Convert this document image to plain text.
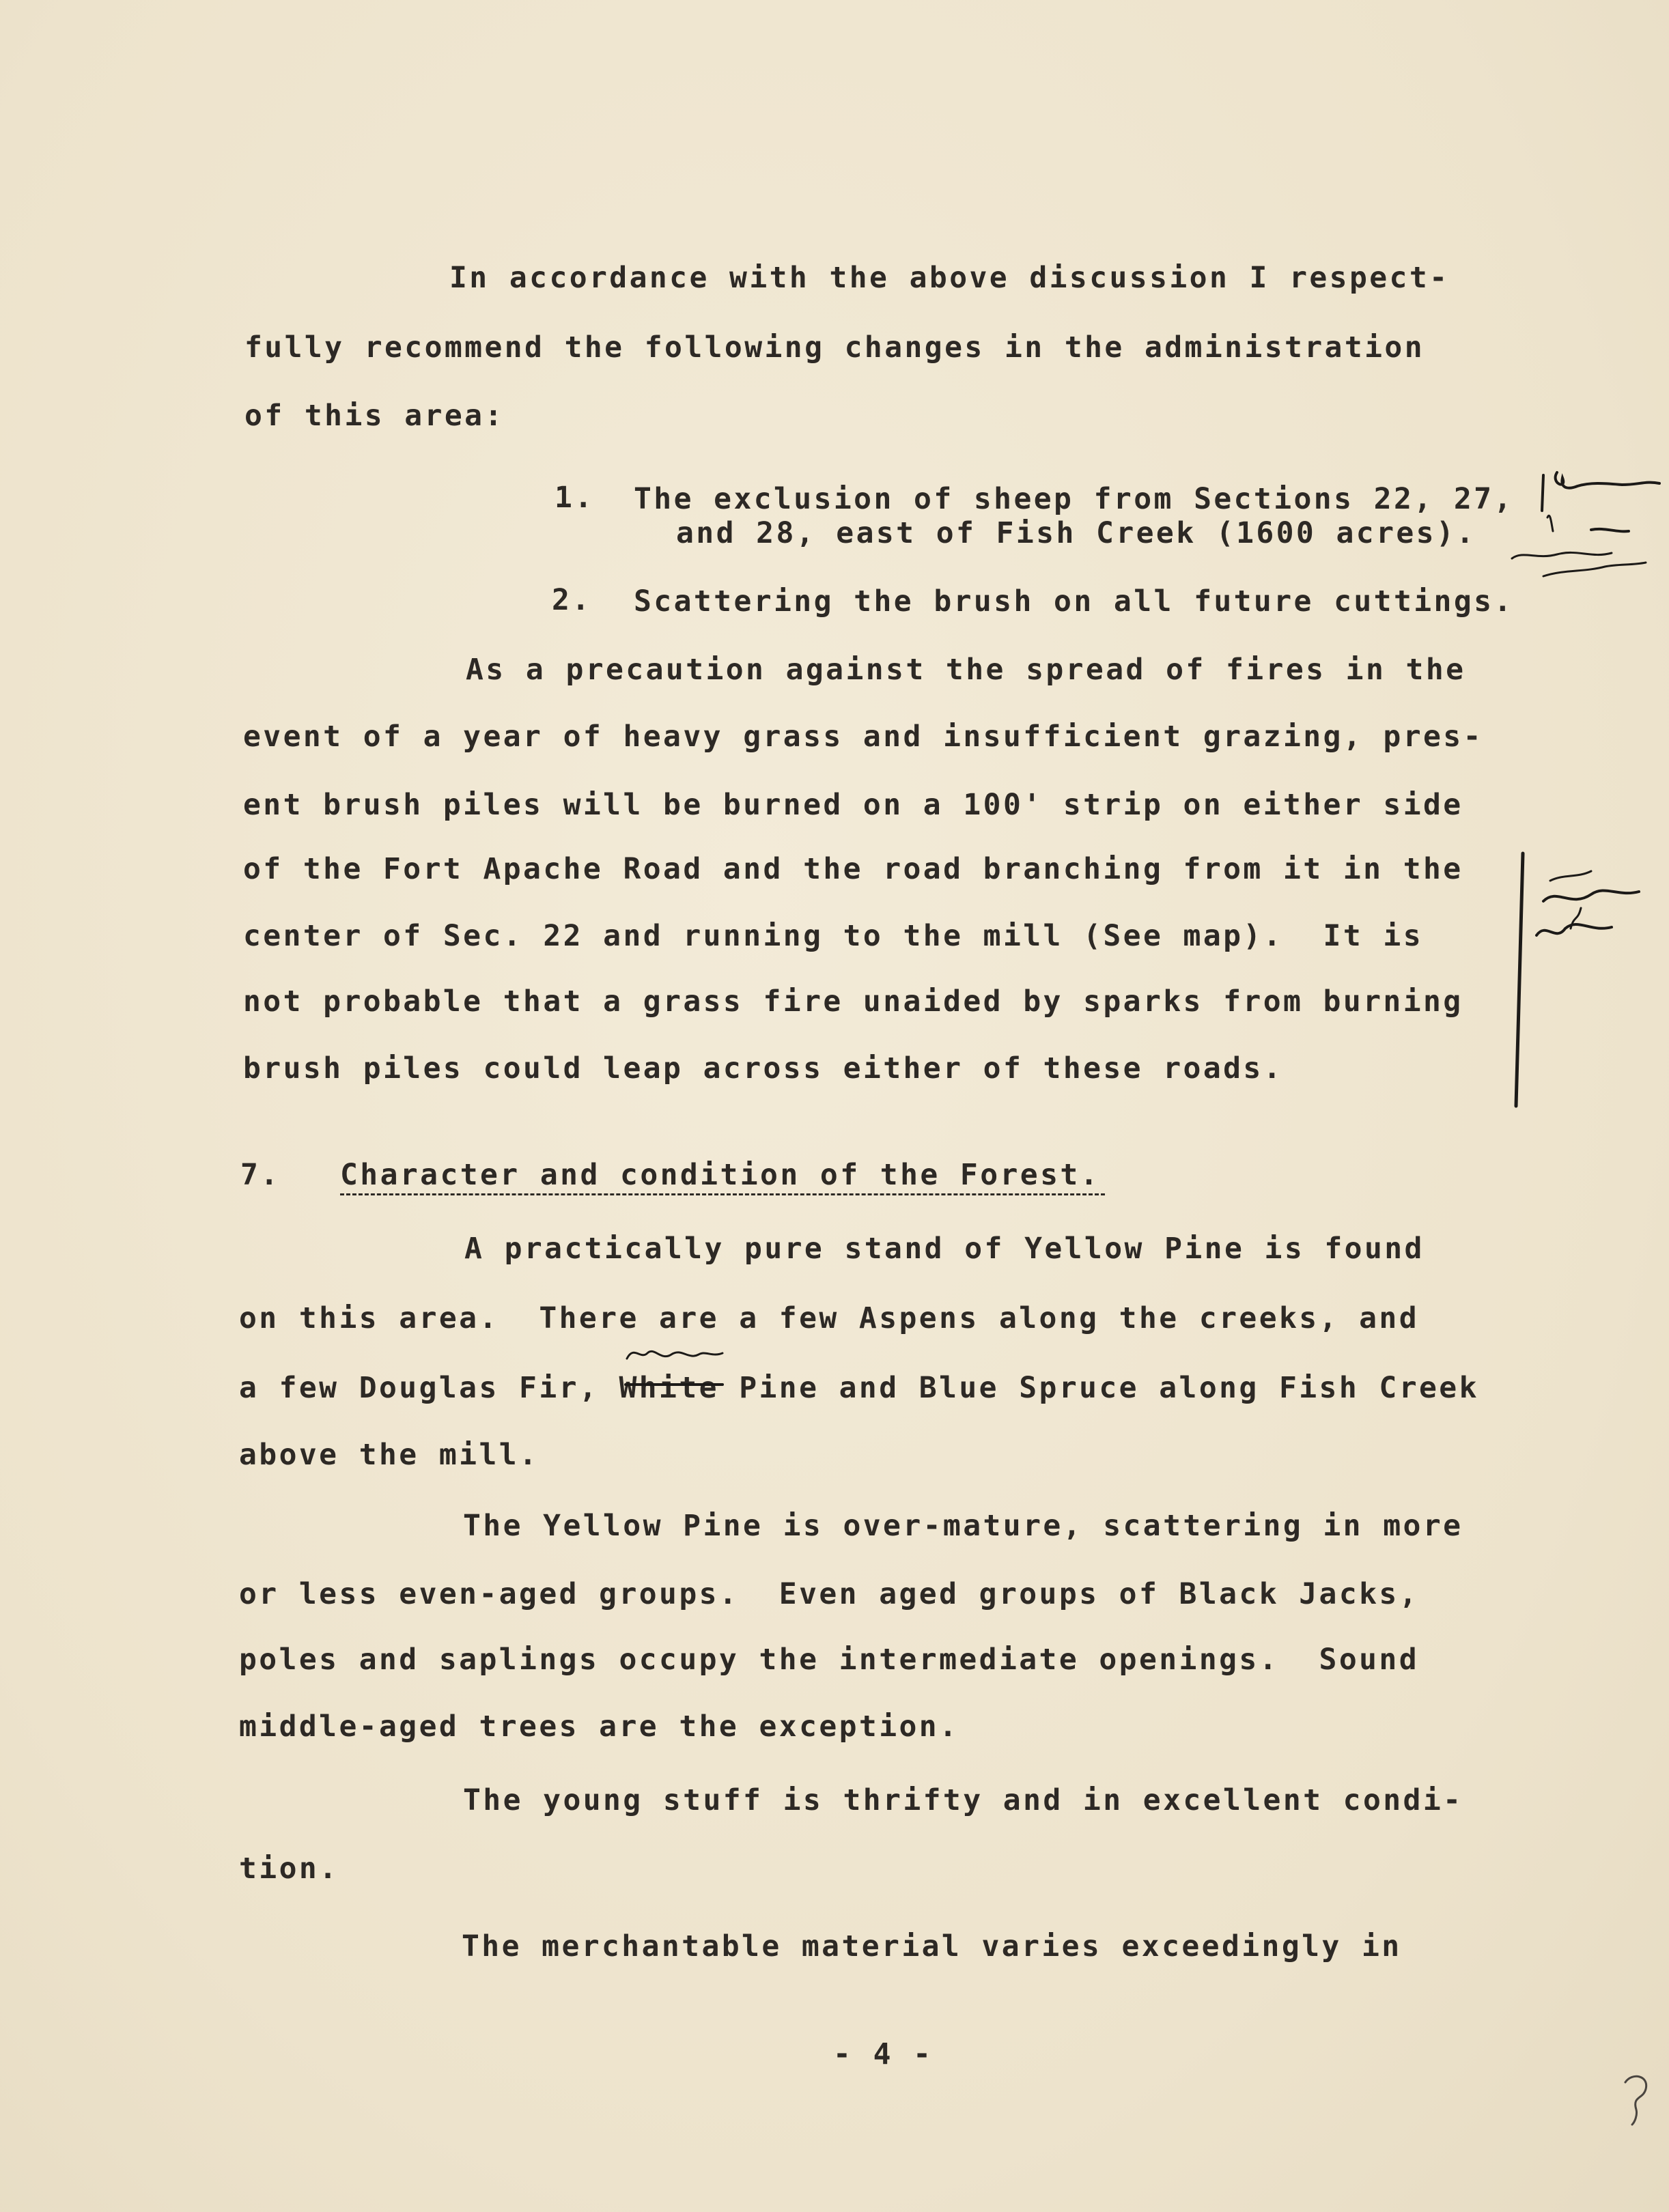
In accordance with the above discussion I respect-
fully recommend the following changes in the administration
of this area:
1. The exclusion of sheep from Sections 22, 27,
and 28, east of Fish Creek (1600 acres).
2. Scattering the brush on all future cuttings.
As a precaution against the spread of fires in the
event of a year of heavy grass and insufficient grazing, pres-
ent brush piles will be burned on a 100' strip on either side
of the Fort Apache Road and the road branching from it in the
center of Sec. 22 and running to the mill (See map).  It is
not probable that a grass fire unaided by sparks from burning
brush piles could leap across either of these roads.
7. Character and condition of the Forest.
A practically pure stand of Yellow Pine is found
on this area.  There are a few Aspens along the creeks, and
a few Douglas Fir, White Pine and Blue Spruce along Fish Creek
above the mill.
The Yellow Pine is over-mature, scattering in more
or less even-aged groups.  Even aged groups of Black Jacks,
poles and saplings occupy the intermediate openings.  Sound
middle-aged trees are the exception.
The young stuff is thrifty and in excellent condi-
tion.
The merchantable material varies exceedingly in
- 4 -
